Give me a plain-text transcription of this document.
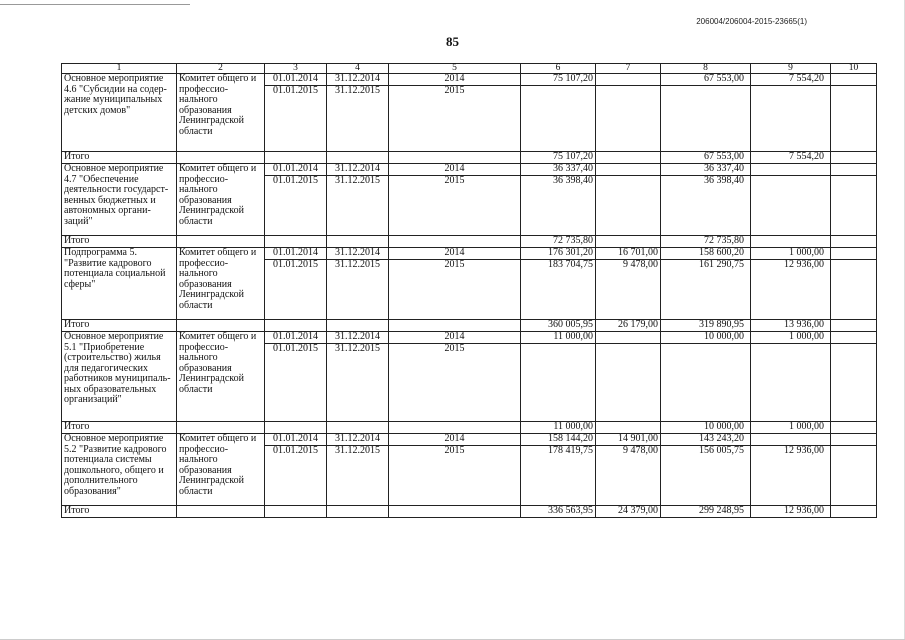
206004/206004-2015-23665(1)
85
1	2	3	4	5	6	7	8	9	10
Основное мероприятие 4.6 "Субсидии на содер-жание муниципальных детских домов"	Комитет общего и профессио-нального образования Ленинградской области	01.01.2014	31.12.2014	2014	75 107,20		67 553,00	7 554,20	
		01.01.2015	31.12.2015	2015					
Итого					75 107,20		67 553,00	7 554,20	
Основное мероприятие 4.7 "Обеспечение деятельности государст-венных бюджетных и автономных органи-заций"	Комитет общего и профессио-нального образования Ленинградской области	01.01.2014	31.12.2014	2014	36 337,40		36 337,40		
		01.01.2015	31.12.2015	2015	36 398,40		36 398,40		
Итого					72 735,80		72 735,80		
Подпрограмма 5. "Развитие кадрового потенциала социальной сферы"	Комитет общего и профессио-нального образования Ленинградской области	01.01.2014	31.12.2014	2014	176 301,20	16 701,00	158 600,20	1 000,00	
		01.01.2015	31.12.2015	2015	183 704,75	9 478,00	161 290,75	12 936,00	
Итого					360 005,95	26 179,00	319 890,95	13 936,00	
Основное мероприятие 5.1 "Приобретение (строительство) жилья для педагогических работников муниципаль-ных образовательных организаций"	Комитет общего и профессио-нального образования Ленинградской области	01.01.2014	31.12.2014	2014	11 000,00		10 000,00	1 000,00	
		01.01.2015	31.12.2015	2015					
Итого					11 000,00		10 000,00	1 000,00	
Основное мероприятие 5.2 "Развитие кадрового потенциала системы дошкольного, общего и дополнительного образования"	Комитет общего и профессио-нального образования Ленинградской области	01.01.2014	31.12.2014	2014	158 144,20	14 901,00	143 243,20		
		01.01.2015	31.12.2015	2015	178 419,75	9 478,00	156 005,75	12 936,00	
Итого					336 563,95	24 379,00	299 248,95	12 936,00	
